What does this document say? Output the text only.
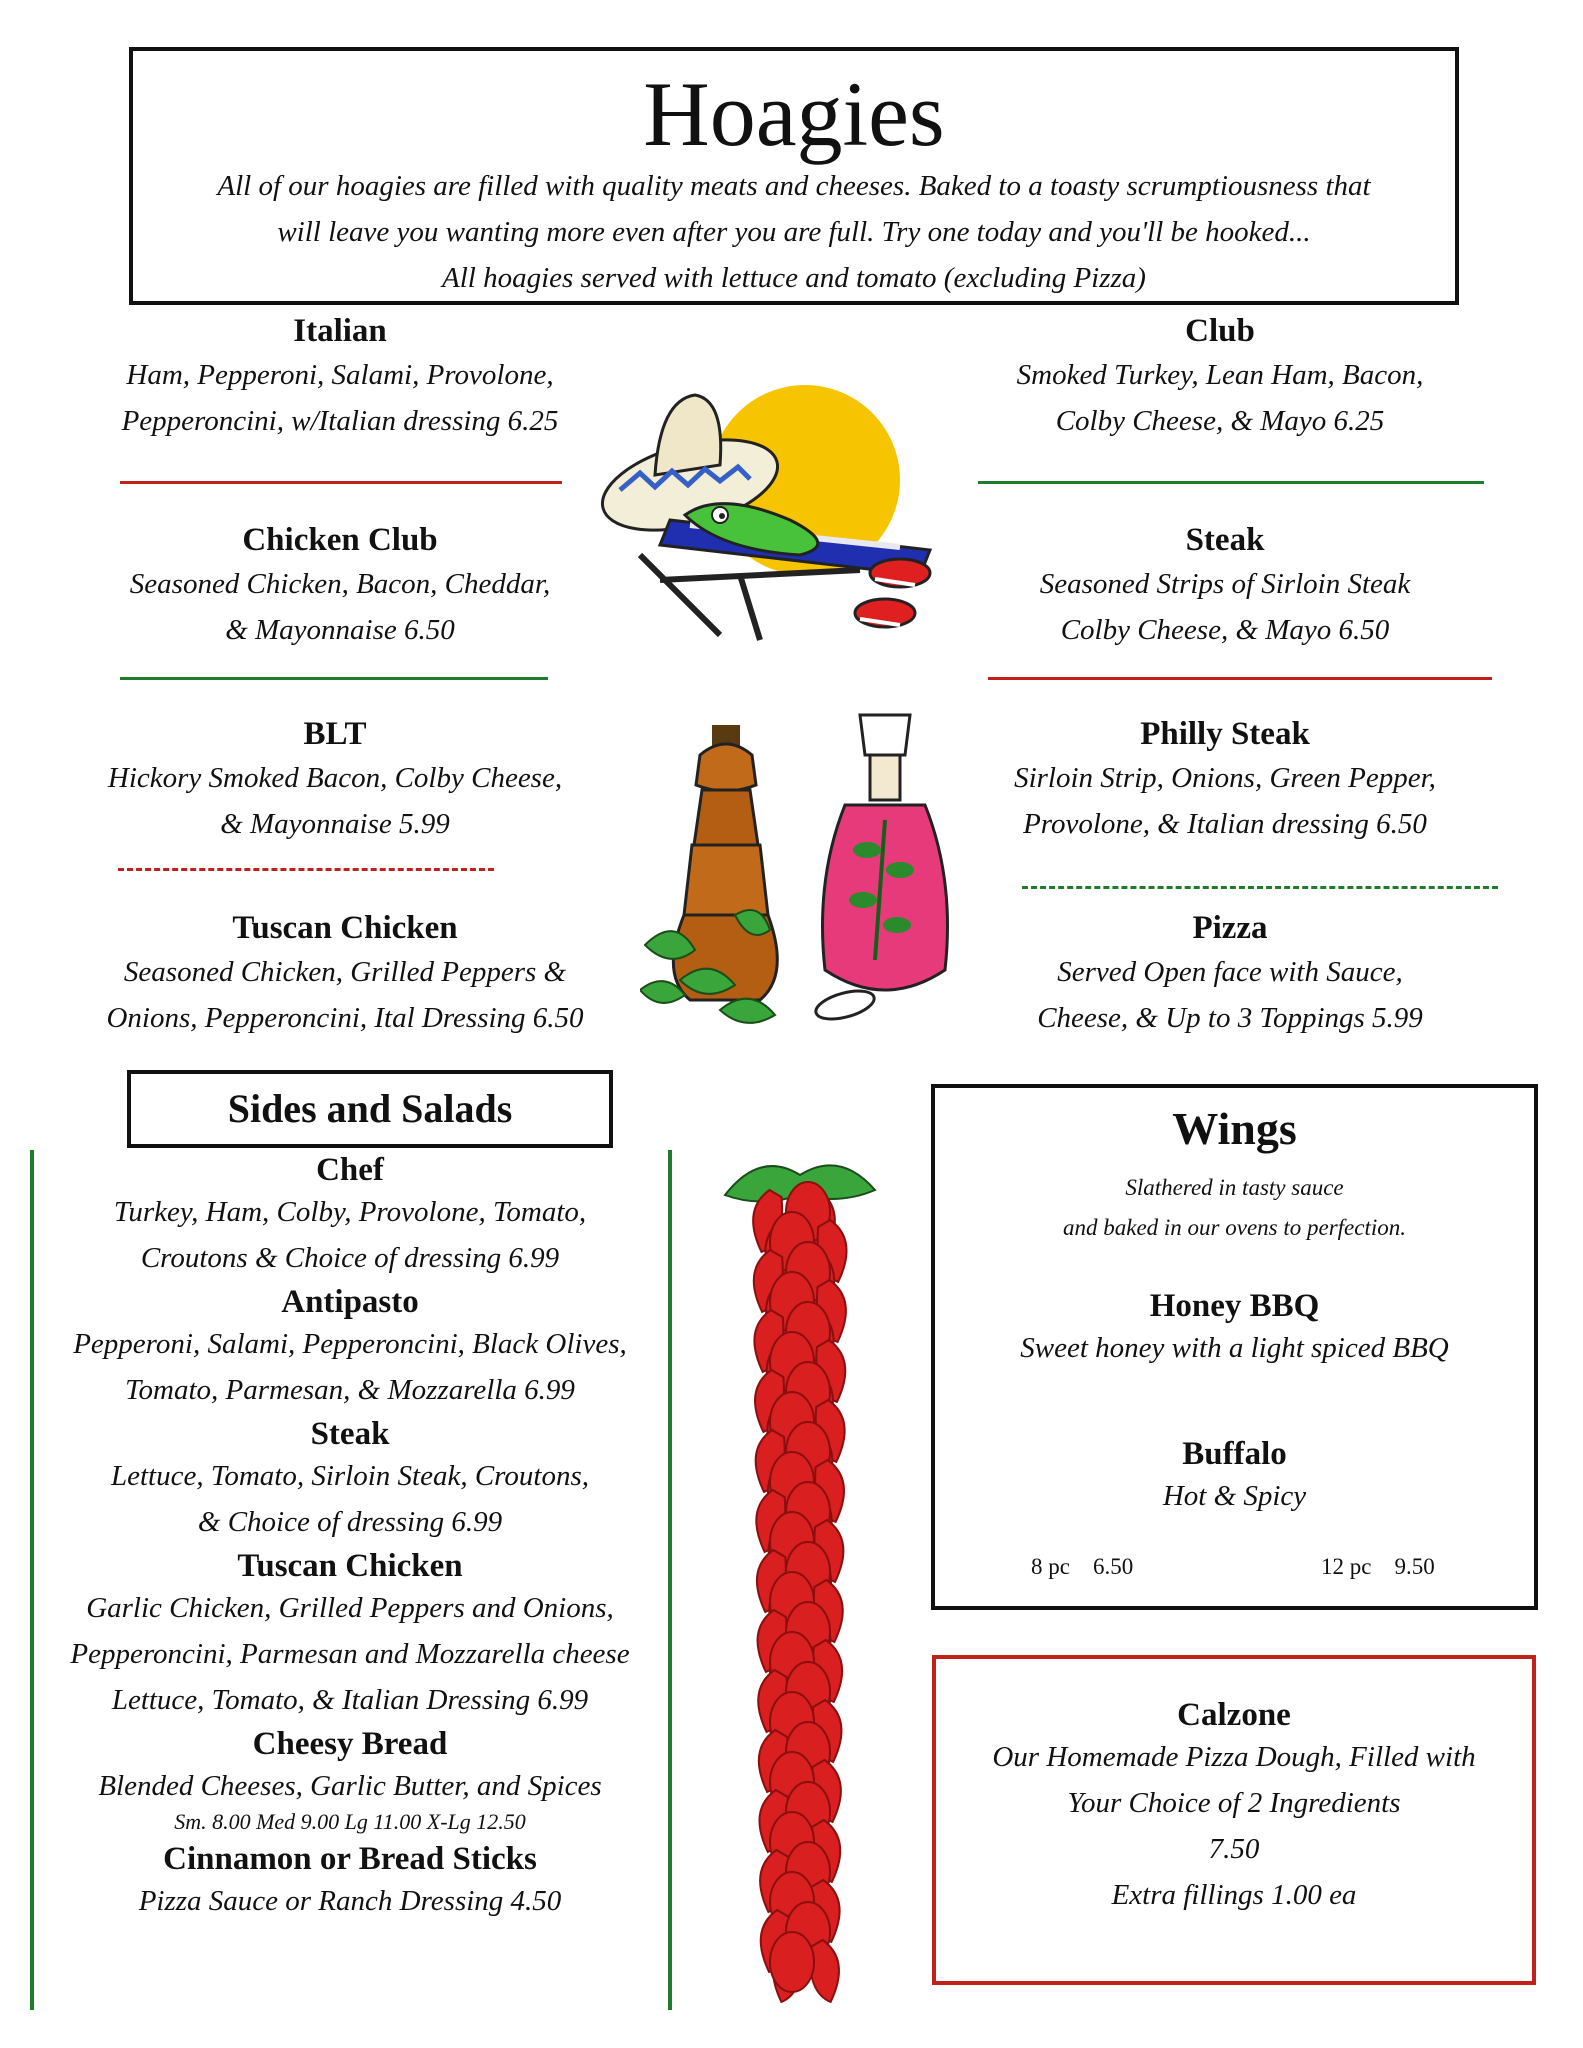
Hoagies
All of our hoagies are filled with quality meats and cheeses. Baked to a toasty scrumptiousness that
will leave you wanting more even after you are full. Try one today and you'll be hooked...
All hoagies served with lettuce and tomato (excluding Pizza)
Italian
Ham, Pepperoni, Salami, Provolone,
Pepperoncini, w/Italian dressing 6.25
Chicken Club
Seasoned Chicken, Bacon, Cheddar,
& Mayonnaise 6.50
BLT
Hickory Smoked Bacon, Colby Cheese,
& Mayonnaise 5.99
Tuscan Chicken
Seasoned Chicken, Grilled Peppers &
Onions, Pepperoncini, Ital Dressing 6.50
Club
Smoked Turkey, Lean Ham, Bacon,
Colby Cheese, & Mayo 6.25
Steak
Seasoned Strips of Sirloin Steak
Colby Cheese, & Mayo 6.50
Philly Steak
Sirloin Strip, Onions, Green Pepper,
Provolone, & Italian dressing 6.50
Pizza
Served Open face with Sauce,
Cheese, & Up to 3 Toppings 5.99
Sides and Salads
Chef
Turkey, Ham, Colby, Provolone, Tomato,
Croutons & Choice of dressing 6.99
Antipasto
Pepperoni, Salami, Pepperoncini, Black Olives,
Tomato, Parmesan, & Mozzarella 6.99
Steak
Lettuce, Tomato, Sirloin Steak, Croutons,
& Choice of dressing 6.99
Tuscan Chicken
Garlic Chicken, Grilled Peppers and Onions,
Pepperoncini, Parmesan and Mozzarella cheese
Lettuce, Tomato, & Italian Dressing 6.99
Cheesy Bread
Blended Cheeses, Garlic Butter, and Spices
Sm. 8.00 Med 9.00 Lg 11.00 X-Lg 12.50
Cinnamon or Bread Sticks
Pizza Sauce or Ranch Dressing 4.50
Wings
Slathered in tasty sauce
and baked in our ovens to perfection.
Honey BBQ
Sweet honey with a light spiced BBQ
Buffalo
Hot & Spicy
8 pc    6.50	12 pc    9.50
Calzone
Our Homemade Pizza Dough, Filled with
Your Choice of 2 Ingredients
7.50
Extra fillings 1.00 ea
